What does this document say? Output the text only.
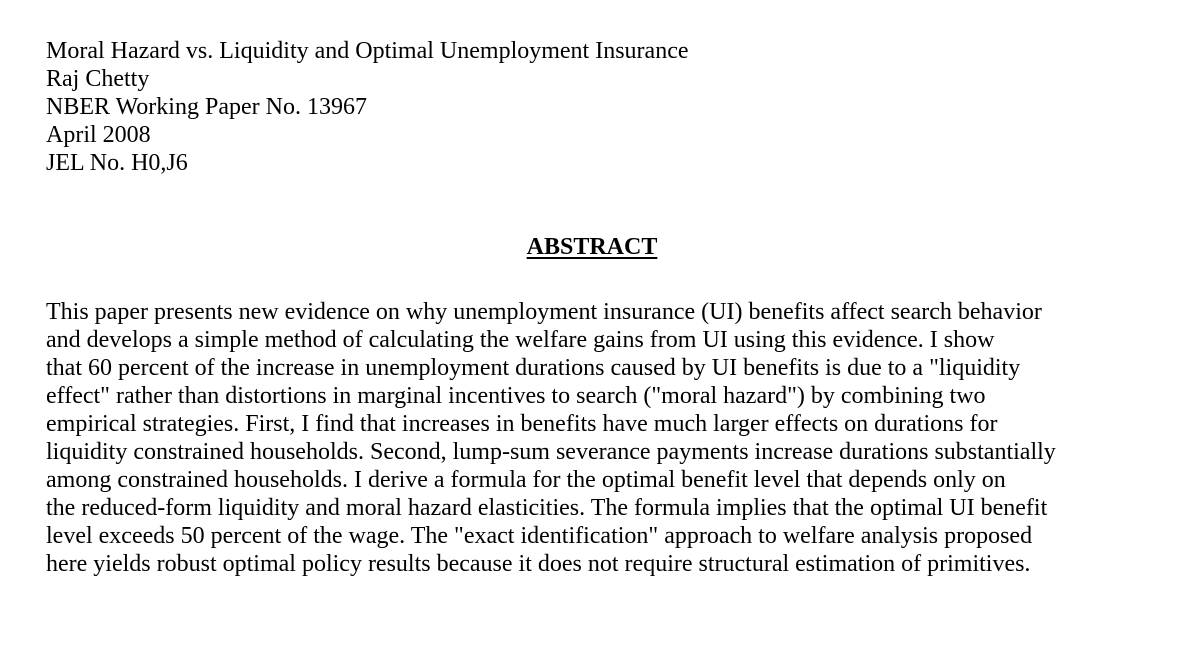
Moral Hazard vs. Liquidity and Optimal Unemployment Insurance
Raj Chetty
NBER Working Paper No. 13967
April 2008
JEL No. H0,J6
ABSTRACT
This paper presents new evidence on why unemployment insurance (UI) benefits affect search behavior
and develops a simple method of calculating the welfare gains from UI using this evidence. I show
that 60 percent of the increase in unemployment durations caused by UI benefits is due to a "liquidity
effect" rather than distortions in marginal incentives to search ("moral hazard") by combining two
empirical strategies. First, I find that increases in benefits have much larger effects on durations for
liquidity constrained households. Second, lump-sum severance payments increase durations substantially
among constrained households. I derive a formula for the optimal benefit level that depends only on
the reduced-form liquidity and moral hazard elasticities. The formula implies that the optimal UI benefit
level exceeds 50 percent of the wage. The "exact identification" approach to welfare analysis proposed
here yields robust optimal policy results because it does not require structural estimation of primitives.
